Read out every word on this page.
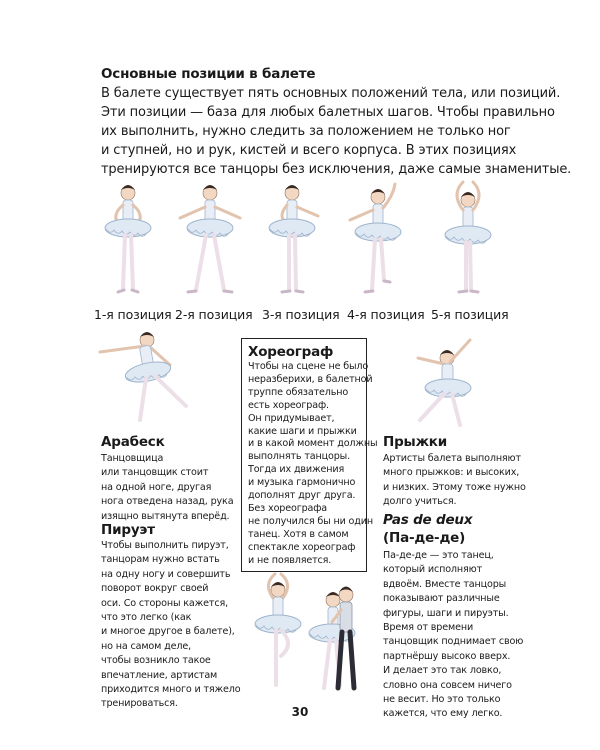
Основные позиции в балете
В балете существует пять основных положений тела, или позиций.
Эти позиции — база для любых балетных шагов. Чтобы правильно
их выполнить, нужно следить за положением не только ног
и ступней, но и рук, кистей и всего корпуса. В этих позициях
тренируются все танцоры без исключения, даже самые знаменитые.
1-я позиция 2-я позиция 3-я позиция 4-я позиция 5-я позиция
Арабеск
Танцовщица
или танцовщик стоит
на одной ноге, другая
нога отведена назад, рука
изящно вытянута вперёд.
Пируэт
Чтобы выполнить пируэт,
танцорам нужно встать
на одну ногу и совершить
поворот вокруг своей
оси. Со стороны кажется,
что это легко (как
и многое другое в балете),
но на самом деле,
чтобы возникло такое
впечатление, артистам
приходится много и тяжело
тренироваться.
Хореограф
Чтобы на сцене не было
неразберихи, в балетной
труппе обязательно
есть хореограф.
Он придумывает,
какие шаги и прыжки
и в какой момент должны
выполнять танцоры.
Тогда их движения
и музыка гармонично
дополнят друг друга.
Без хореографа
не получился бы ни один
танец. Хотя в самом
спектакле хореограф
и не появляется.
Прыжки
Артисты балета выполняют
много прыжков: и высоких,
и низких. Этому тоже нужно
долго учиться.
Pas de deux
(Па-де-де)
Па-де-де — это танец,
который исполняют
вдвоём. Вместе танцоры
показывают различные
фигуры, шаги и пируэты.
Время от времени
танцовщик поднимает свою
партнёршу высоко вверх.
И делает это так ловко,
словно она совсем ничего
не весит. Но это только
кажется, что ему легко.
30
